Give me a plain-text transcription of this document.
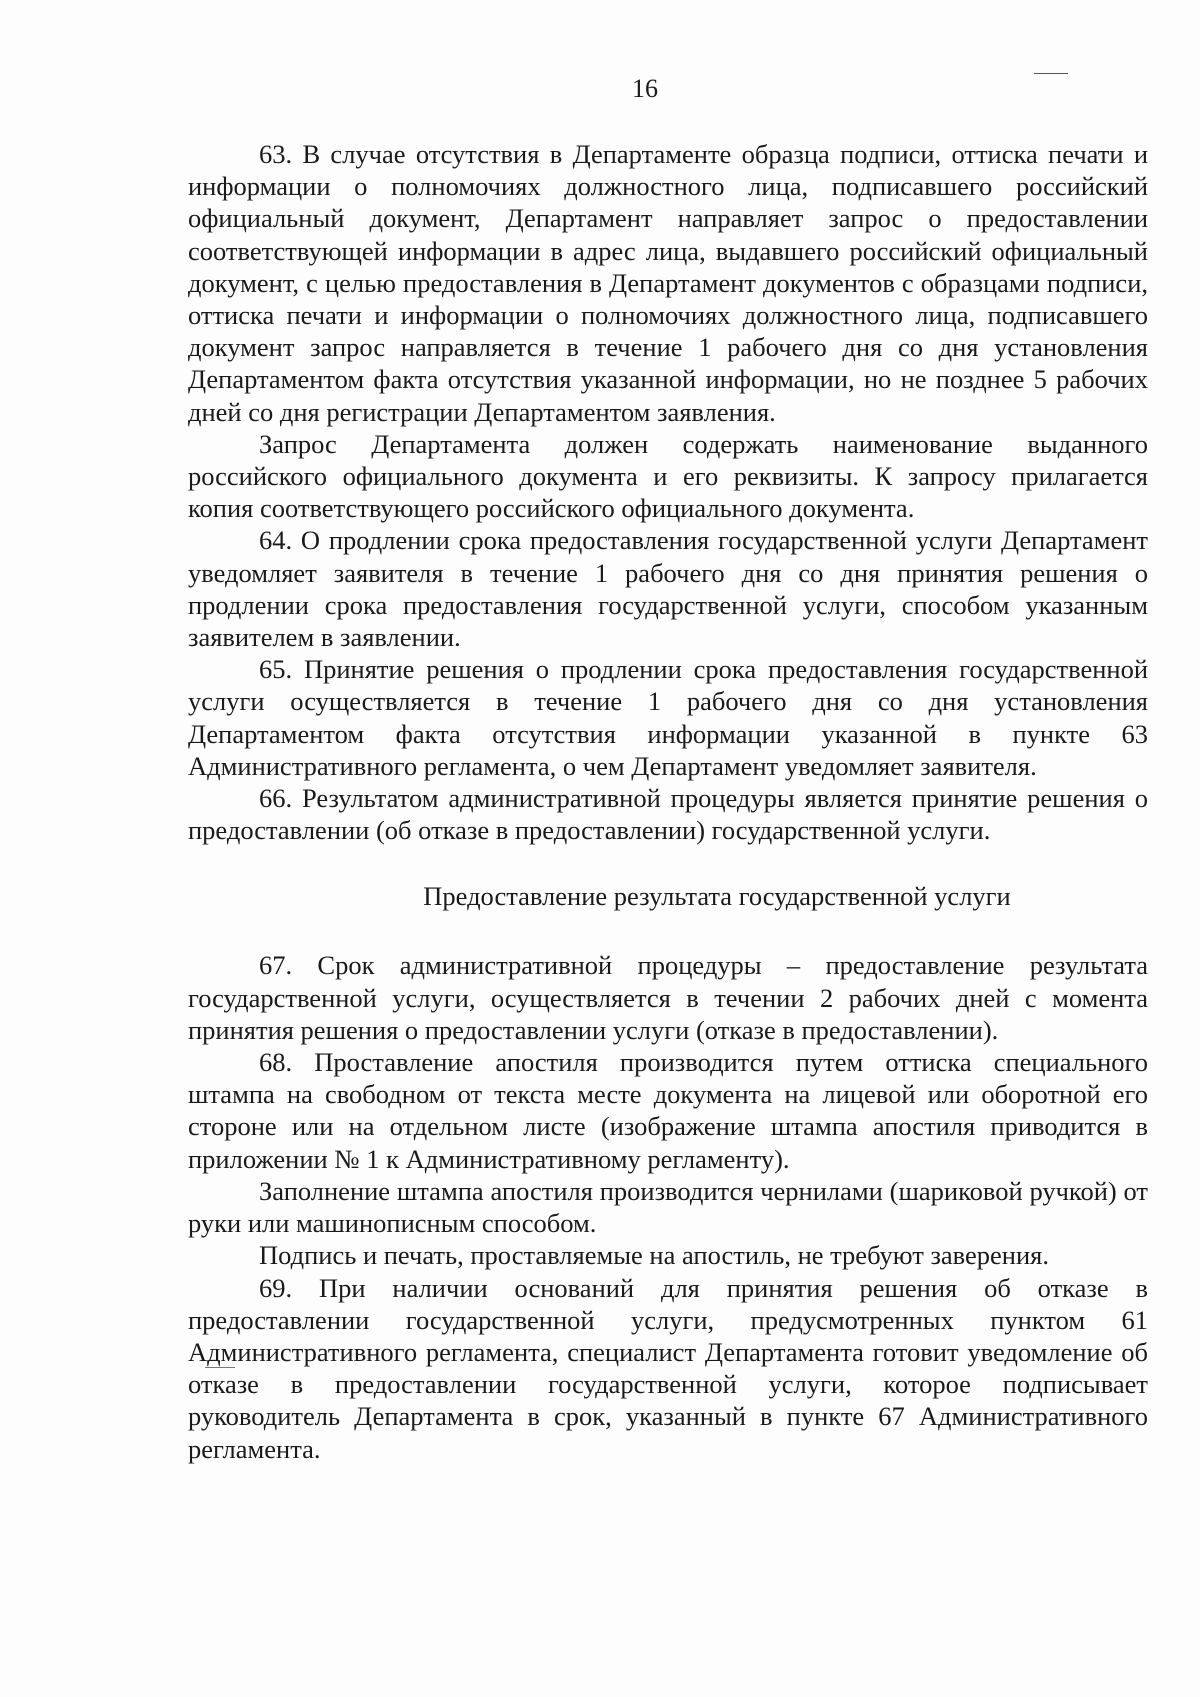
16

63. В случае отсутствия в Департаменте образца подписи, оттиска печати и информации о полномочиях должностного лица, подписавшего российский официальный документ, Департамент направляет запрос о предоставлении соответствующей информации в адрес лица, выдавшего российский официальный документ, с целью предоставления в Департамент документов с образцами подписи, оттиска печати и информации о полномочиях должностного лица, подписавшего документ запрос направляется в течение 1 рабочего дня со дня установления Департаментом факта отсутствия указанной информации, но не позднее 5 рабочих дней со дня регистрации Департаментом заявления.

Запрос Департамента должен содержать наименование выданного российского официального документа и его реквизиты. К запросу прилагается копия соответствующего российского официального документа.

64. О продлении срока предоставления государственной услуги Департамент уведомляет заявителя в течение 1 рабочего дня со дня принятия решения о продлении срока предоставления государственной услуги, способом указанным заявителем в заявлении.

65. Принятие решения о продлении срока предоставления государственной услуги осуществляется в течение 1 рабочего дня со дня установления Департаментом факта отсутствия информации указанной в пункте 63 Административного регламента, о чем Департамент уведомляет заявителя.

66. Результатом административной процедуры является принятие решения о предоставлении (об отказе в предоставлении) государственной услуги.

Предоставление результата государственной услуги

67. Срок административной процедуры – предоставление результата государственной услуги, осуществляется в течении 2 рабочих дней с момента принятия решения о предоставлении услуги (отказе в предоставлении).

68. Проставление апостиля производится путем оттиска специального штампа на свободном от текста месте документа на лицевой или оборотной его стороне или на отдельном листе (изображение штампа апостиля приводится в приложении № 1 к Административному регламенту).

Заполнение штампа апостиля производится чернилами (шариковой ручкой) от руки или машинописным способом.

Подпись и печать, проставляемые на апостиль, не требуют заверения.

69. При наличии оснований для принятия решения об отказе в предоставлении государственной услуги, предусмотренных пунктом 61 Административного регламента, специалист Департамента готовит уведомление об отказе в предоставлении государственной услуги, которое подписывает руководитель Департамента в срок, указанный в пункте 67 Административного регламента.
